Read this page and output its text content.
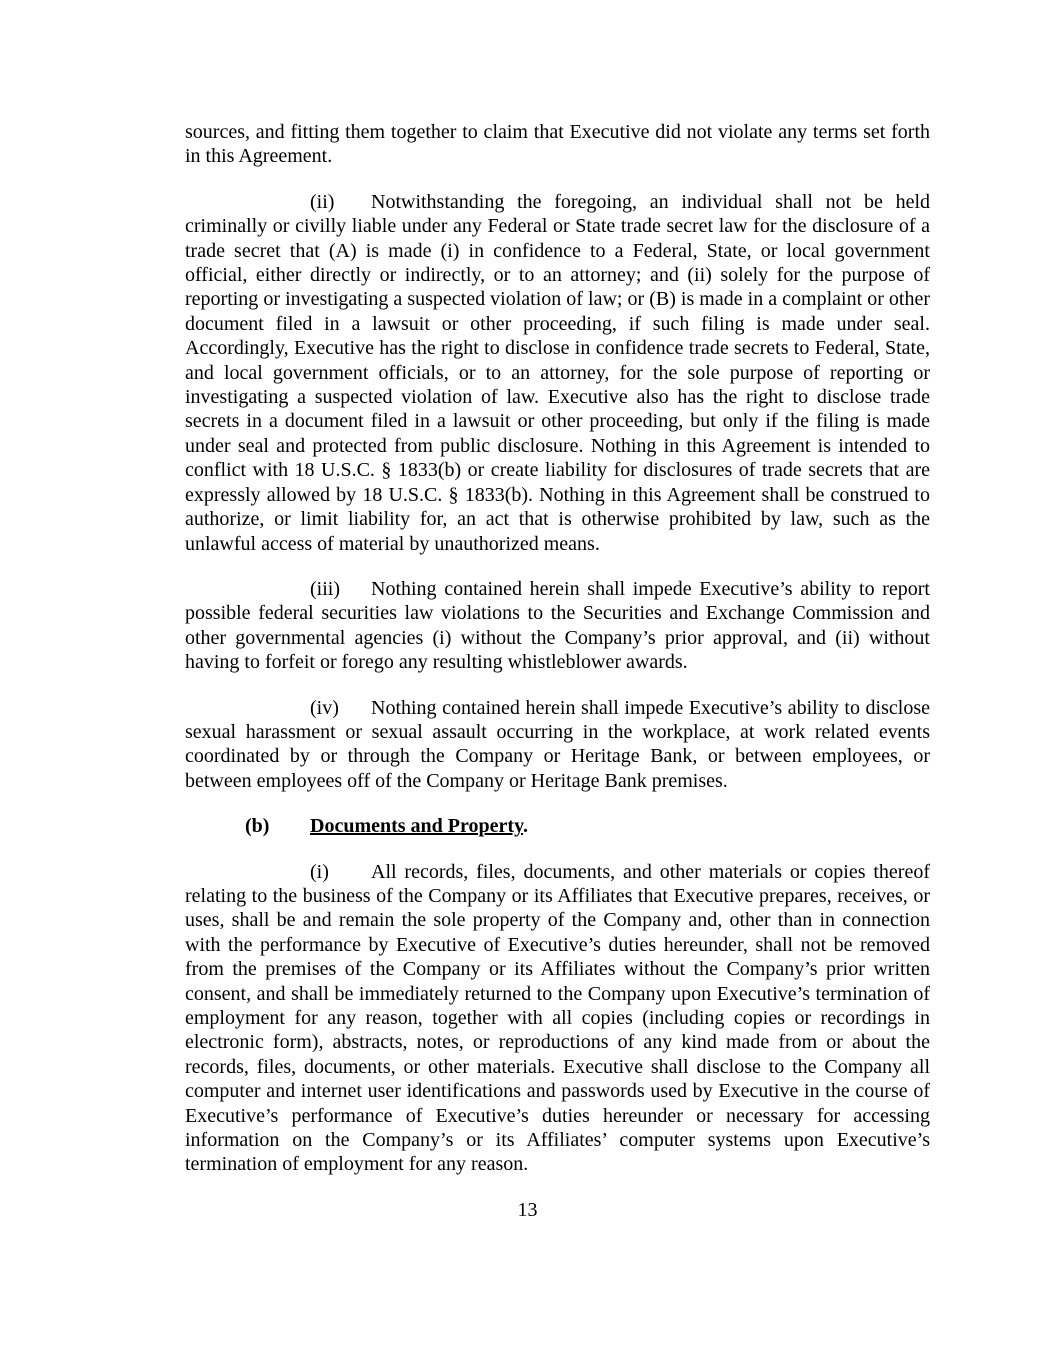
sources, and fitting them together to claim that Executive did not violate any terms set forth in this Agreement.

(ii) Notwithstanding the foregoing, an individual shall not be held criminally or civilly liable under any Federal or State trade secret law for the disclosure of a trade secret that (A) is made (i) in confidence to a Federal, State, or local government official, either directly or indirectly, or to an attorney; and (ii) solely for the purpose of reporting or investigating a suspected violation of law; or (B) is made in a complaint or other document filed in a lawsuit or other proceeding, if such filing is made under seal. Accordingly, Executive has the right to disclose in confidence trade secrets to Federal, State, and local government officials, or to an attorney, for the sole purpose of reporting or investigating a suspected violation of law. Executive also has the right to disclose trade secrets in a document filed in a lawsuit or other proceeding, but only if the filing is made under seal and protected from public disclosure. Nothing in this Agreement is intended to conflict with 18 U.S.C. § 1833(b) or create liability for disclosures of trade secrets that are expressly allowed by 18 U.S.C. § 1833(b). Nothing in this Agreement shall be construed to authorize, or limit liability for, an act that is otherwise prohibited by law, such as the unlawful access of material by unauthorized means.

(iii) Nothing contained herein shall impede Executive’s ability to report possible federal securities law violations to the Securities and Exchange Commission and other governmental agencies (i) without the Company’s prior approval, and (ii) without having to forfeit or forego any resulting whistleblower awards.

(iv) Nothing contained herein shall impede Executive’s ability to disclose sexual harassment or sexual assault occurring in the workplace, at work related events coordinated by or through the Company or Heritage Bank, or between employees, or between employees off of the Company or Heritage Bank premises.

(b) Documents and Property.

(i) All records, files, documents, and other materials or copies thereof relating to the business of the Company or its Affiliates that Executive prepares, receives, or uses, shall be and remain the sole property of the Company and, other than in connection with the performance by Executive of Executive’s duties hereunder, shall not be removed from the premises of the Company or its Affiliates without the Company’s prior written consent, and shall be immediately returned to the Company upon Executive’s termination of employment for any reason, together with all copies (including copies or recordings in electronic form), abstracts, notes, or reproductions of any kind made from or about the records, files, documents, or other materials. Executive shall disclose to the Company all computer and internet user identifications and passwords used by Executive in the course of Executive’s performance of Executive’s duties hereunder or necessary for accessing information on the Company’s or its Affiliates’ computer systems upon Executive’s termination of employment for any reason.

13
